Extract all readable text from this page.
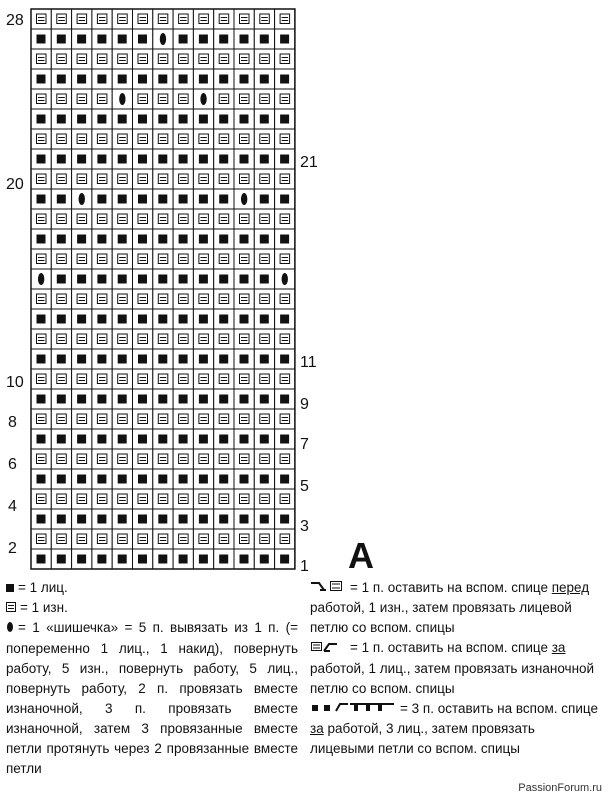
28
20
10
8
6
4
2
21
11
9
7
5
3
1 A
= 1 лиц.
= 1 изн.
= 1 «шишечка» = 5 п. вывязать из 1 п. (= попеременно 1 лиц., 1 накид), повернуть работу, 5 изн., повернуть работу, 5 лиц., повернуть работу, 2 п. провязать вместе изнаночной, 3 п. провязать вместе изнаночной, затем 3 провязанные вместе петли протянуть через 2 провязанные вместе петли
= 1 п. оставить на вспом. спице перед работой, 1 изн., затем провязать лицевой петлю со вспом. спицы
= 1 п. оставить на вспом. спице за работой, 1 лиц., затем провязать изнаночной петлю со вспом. спицы
= 3 п. оставить на вспом. спице за работой, 3 лиц., затем провязать лицевыми петли со вспом. спицы
PassionForum.ru
